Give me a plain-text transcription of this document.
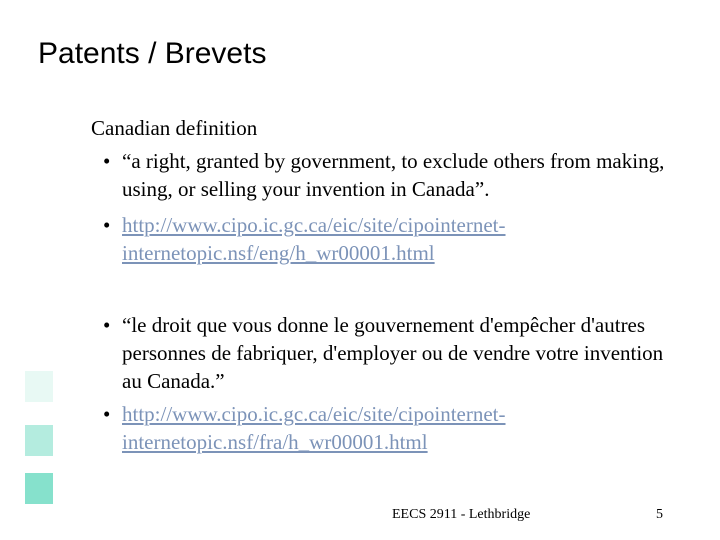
Patents / Brevets
Canadian definition
• “a right, granted by government, to exclude others from making, using, or selling your invention in Canada”.
• http://www.cipo.ic.gc.ca/eic/site/cipointernet-internetopic.nsf/eng/h_wr00001.html
• “le droit que vous donne le gouvernement d'empêcher d'autres personnes de fabriquer, d'employer ou de vendre votre invention au Canada.”
• http://www.cipo.ic.gc.ca/eic/site/cipointernet-internetopic.nsf/fra/h_wr00001.html
EECS 2911 - Lethbridge	5
